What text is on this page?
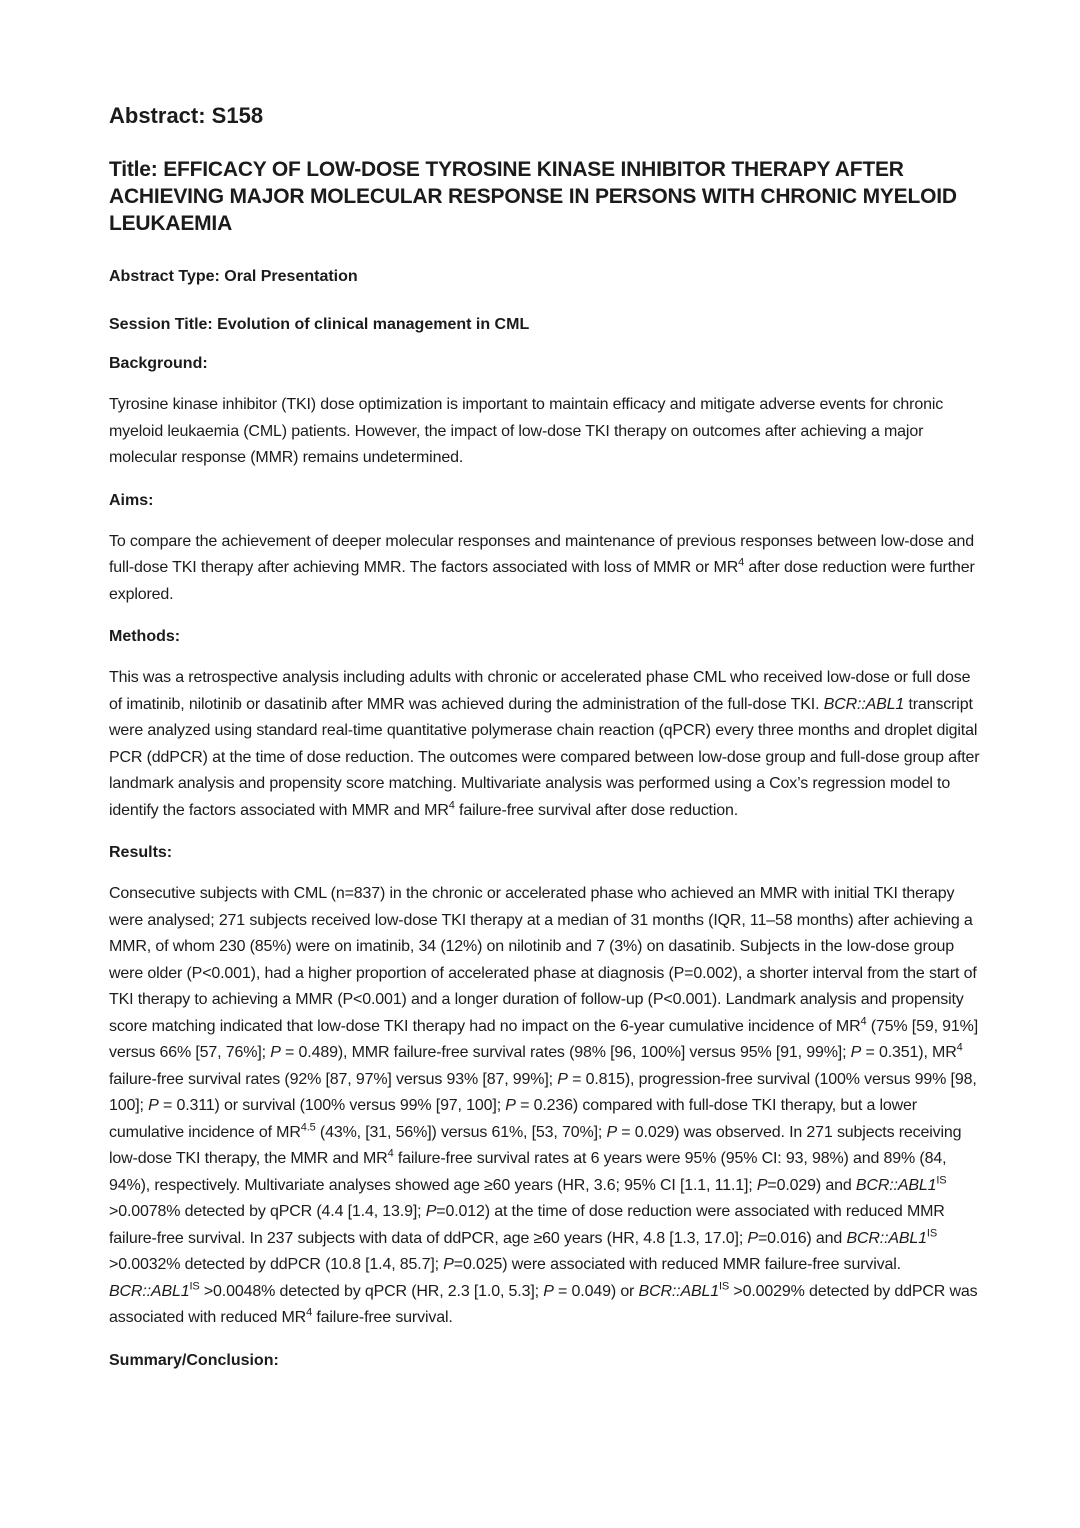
Abstract: S158
Title: EFFICACY OF LOW-DOSE TYROSINE KINASE INHIBITOR THERAPY AFTER ACHIEVING MAJOR MOLECULAR RESPONSE IN PERSONS WITH CHRONIC MYELOID LEUKAEMIA

Abstract Type: Oral Presentation

Session Title: Evolution of clinical management in CML

Background:

Tyrosine kinase inhibitor (TKI) dose optimization is important to maintain efficacy and mitigate adverse events for chronic myeloid leukaemia (CML) patients. However, the impact of low-dose TKI therapy on outcomes after achieving a major molecular response (MMR) remains undetermined.

Aims:

To compare the achievement of deeper molecular responses and maintenance of previous responses between low-dose and full-dose TKI therapy after achieving MMR. The factors associated with loss of MMR or $MR^4$ after dose reduction were further explored.

Methods:

This was a retrospective analysis including adults with chronic or accelerated phase CML who received low-dose or full dose of imatinib, nilotinib or dasatinib after MMR was achieved during the administration of the full-dose TKI. BCR::ABL1 transcript were analyzed using standard real-time quantitative polymerase chain reaction (qPCR) every three months and droplet digital PCR (ddPCR) at the time of dose reduction. The outcomes were compared between low-dose group and full-dose group after landmark analysis and propensity score matching. Multivariate analysis was performed using a Cox’s regression model to identify the factors associated with MMR and $MR^4$ failure-free survival after dose reduction.

Results:

Consecutive subjects with CML (n=837) in the chronic or accelerated phase who achieved an MMR with initial TKI therapy were analysed; 271 subjects received low-dose TKI therapy at a median of 31 months (IQR, 11–58 months) after achieving a MMR, of whom 230 (85%) were on imatinib, 34 (12%) on nilotinib and 7 (3%) on dasatinib. Subjects in the low-dose group were older (P<0.001), had a higher proportion of accelerated phase at diagnosis (P=0.002), a shorter interval from the start of TKI therapy to achieving a MMR (P<0.001) and a longer duration of follow-up (P<0.001). Landmark analysis and propensity score matching indicated that low-dose TKI therapy had no impact on the 6-year cumulative incidence of $MR^4$ (75% [59, 91%] versus 66% [57, 76%]; P = 0.489), MMR failure-free survival rates (98% [96, 100%] versus 95% [91, 99%]; P = 0.351), $MR^4$ failure-free survival rates (92% [87, 97%] versus 93% [87, 99%]; P = 0.815), progression-free survival (100% versus 99% [98, 100]; P = 0.311) or survival (100% versus 99% [97, 100]; P = 0.236) compared with full-dose TKI therapy, but a lower cumulative incidence of $MR^{4.5}$ (43%, [31, 56%]) versus 61%, [53, 70%]; P = 0.029) was observed. In 271 subjects receiving low-dose TKI therapy, the MMR and $MR^4$ failure-free survival rates at 6 years were 95% (95% CI: 93, 98%) and 89% (84, 94%), respectively. Multivariate analyses showed age ≥60 years (HR, 3.6; 95% CI [1.1, 11.1]; P=0.029) and $BCR::ABL1^{IS} >0.0078\%$ detected by qPCR (4.4 [1.4, 13.9]; P=0.012) at the time of dose reduction were associated with reduced MMR failure-free survival. In 237 subjects with data of ddPCR, age ≥60 years (HR, 4.8 [1.3, 17.0]; P=0.016) and $BCR::ABL1^{IS} >0.0032\%$ detected by ddPCR (10.8 [1.4, 85.7]; P=0.025) were associated with reduced MMR failure-free survival. $BCR::ABL1^{IS} >0.0048\%$ detected by qPCR (HR, 2.3 [1.0, 5.3]; P = 0.049) or $BCR::ABL1^{IS} >0.0029\%$ detected by ddPCR was associated with reduced $MR^4$ failure-free survival.

Summary/Conclusion:
